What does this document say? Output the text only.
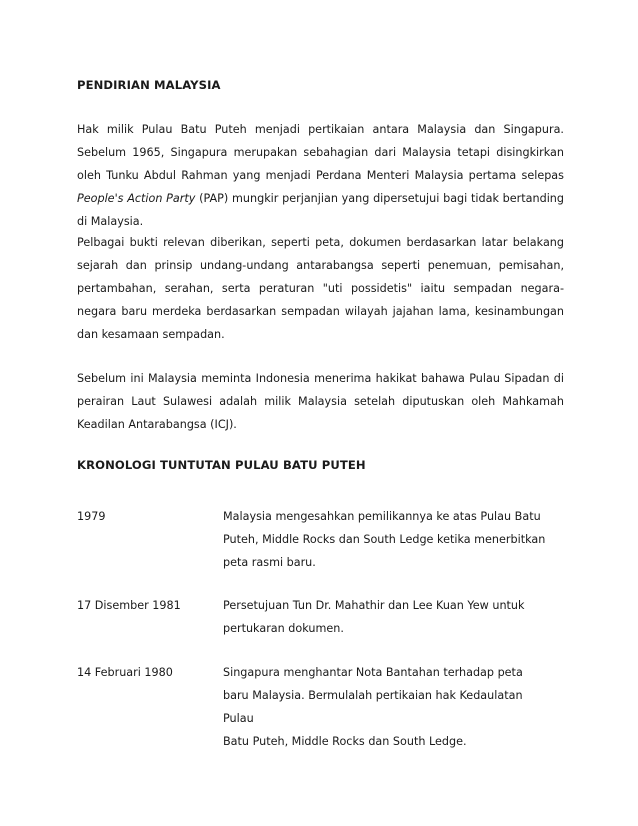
PENDIRIAN MALAYSIA

Hak milik Pulau Batu Puteh menjadi pertikaian antara Malaysia dan Singapura. Sebelum 1965, Singapura merupakan sebahagian dari Malaysia tetapi disingkirkan oleh Tunku Abdul Rahman yang menjadi Perdana Menteri Malaysia pertama selepas People's Action Party (PAP) mungkir perjanjian yang dipersetujui bagi tidak bertanding di Malaysia.

Pelbagai bukti relevan diberikan, seperti peta, dokumen berdasarkan latar belakang sejarah dan prinsip undang-undang antarabangsa seperti penemuan, pemisahan, pertambahan, serahan, serta peraturan "uti possidetis" iaitu sempadan negara-negara baru merdeka berdasarkan sempadan wilayah jajahan lama, kesinambungan dan kesamaan sempadan.

Sebelum ini Malaysia meminta Indonesia menerima hakikat bahawa Pulau Sipadan di perairan Laut Sulawesi adalah milik Malaysia setelah diputuskan oleh Mahkamah Keadilan Antarabangsa (ICJ).

KRONOLOGI TUNTUTAN PULAU BATU PUTEH
1979	Malaysia mengesahkan pemilikannya ke atas Pulau Batu
Puteh, Middle Rocks dan South Ledge ketika menerbitkan
peta rasmi baru.
17 Disember 1981	Persetujuan Tun Dr. Mahathir dan Lee Kuan Yew untuk
pertukaran dokumen.
14 Februari 1980	Singapura menghantar Nota Bantahan terhadap peta
baru Malaysia. Bermulalah pertikaian hak Kedaulatan Pulau
Batu Puteh, Middle Rocks dan South Ledge.
